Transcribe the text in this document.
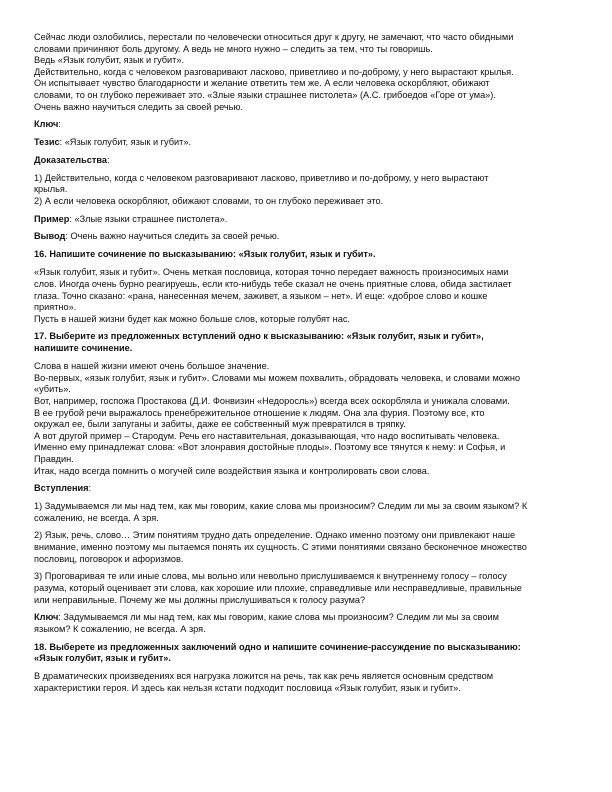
Сейчас люди озлобились, перестали по человечески относиться друг к другу, не замечают, что часто обидными
словами причиняют боль другому. А ведь не много нужно – следить за тем, что ты говоришь.
Ведь «Язык голубит, язык и губит».
Действительно, когда с человеком разговаривают ласково, приветливо и по-доброму, у него вырастают крылья.
Он испытывает чувство благодарности и желание ответить тем же. А если человека оскорбляют, обижают
словами, то он глубоко переживает это. «Злые языки страшнее пистолета» (А.С. грибоедов «Горе от ума»).
Очень важно научиться следить за своей речью.
Ключ:
Тезис: «Язык голубит, язык и губит».
Доказательства:
1) Действительно, когда с человеком разговаривают ласково, приветливо и по-доброму, у него вырастают
крылья.
2) А если человека оскорбляют, обижают словами, то он глубоко переживает это.
Пример: «Злые языки страшнее пистолета».
Вывод: Очень важно научиться следить за своей речью.
16. Напишите сочинение по высказыванию: «Язык голубит, язык и губит».
«Язык голубит, язык и губит». Очень меткая пословица, которая точно передает важность произносимых нами
слов. Иногда очень бурно реагируешь, если кто-нибудь тебе сказал не очень приятные слова, обида застилает
глаза. Точно сказано: «рана, нанесенная мечем, заживет, а языком – нет». И еще: «доброе слово и кошке
приятно».
Пусть в нашей жизни будет как можно больше слов, которые голубят нас.
17. Выберите из предложенных вступлений одно к высказыванию: «Язык голубит, язык и губит»,
напишите сочинение.
Слова в нашей жизни имеют очень большое значение.
Во-первых, «язык голубит, язык и губит». Словами мы можем похвалить, обрадовать человека, и словами можно
«убить».
Вот, например, госпожа Простакова (Д.И. Фонвизин «Недоросль») всегда всех оскорбляла и унижала словами.
В ее грубой речи выражалось пренебрежительное отношение к людям. Она зла фурия. Поэтому все, кто
окружал ее, были запуганы и забиты, даже ее собственный муж превратился в тряпку.
А вот другой пример – Стародум. Речь его наставительная, доказывающая, что надо воспитывать человека.
Именно ему принадлежат слова: «Вот злонравия достойные плоды». Поэтому все тянутся к нему: и Софья, и
Правдин.
Итак, надо всегда помнить о могучей силе воздействия языка и контролировать свои слова.
Вступления:
1) Задумываемся ли мы над тем, как мы говорим, какие слова мы произносим? Следим ли мы за своим языком? К
сожалению, не всегда. А зря.
2) Язык, речь, слово… Этим понятиям трудно дать определение. Однако именно поэтому они привлекают наше
внимание, именно поэтому мы пытаемся понять их сущность. С этими понятиями связано бесконечное множество
пословиц, поговорок и афоризмов.
3) Проговаривая те или иные слова, мы вольно или невольно прислушиваемся к внутреннему голосу – голосу
разума, который оценивает эти слова, как хорошие или плохие, справедливые или несправедливые, правильные
или неправильные. Почему же мы должны прислушиваться к голосу разума?
Ключ: Задумываемся ли мы над тем, как мы говорим, какие слова мы произносим? Следим ли мы за своим
языком? К сожалению, не всегда. А зря.
18. Выберете из предложенных заключений одно и напишите сочинение-рассуждение по высказыванию:
«Язык голубит, язык и губит».
В драматических произведениях вся нагрузка ложится на речь, так как речь является основным средством
характеристики героя. И здесь как нельзя кстати подходит пословица «Язык голубит, язык и губит».
